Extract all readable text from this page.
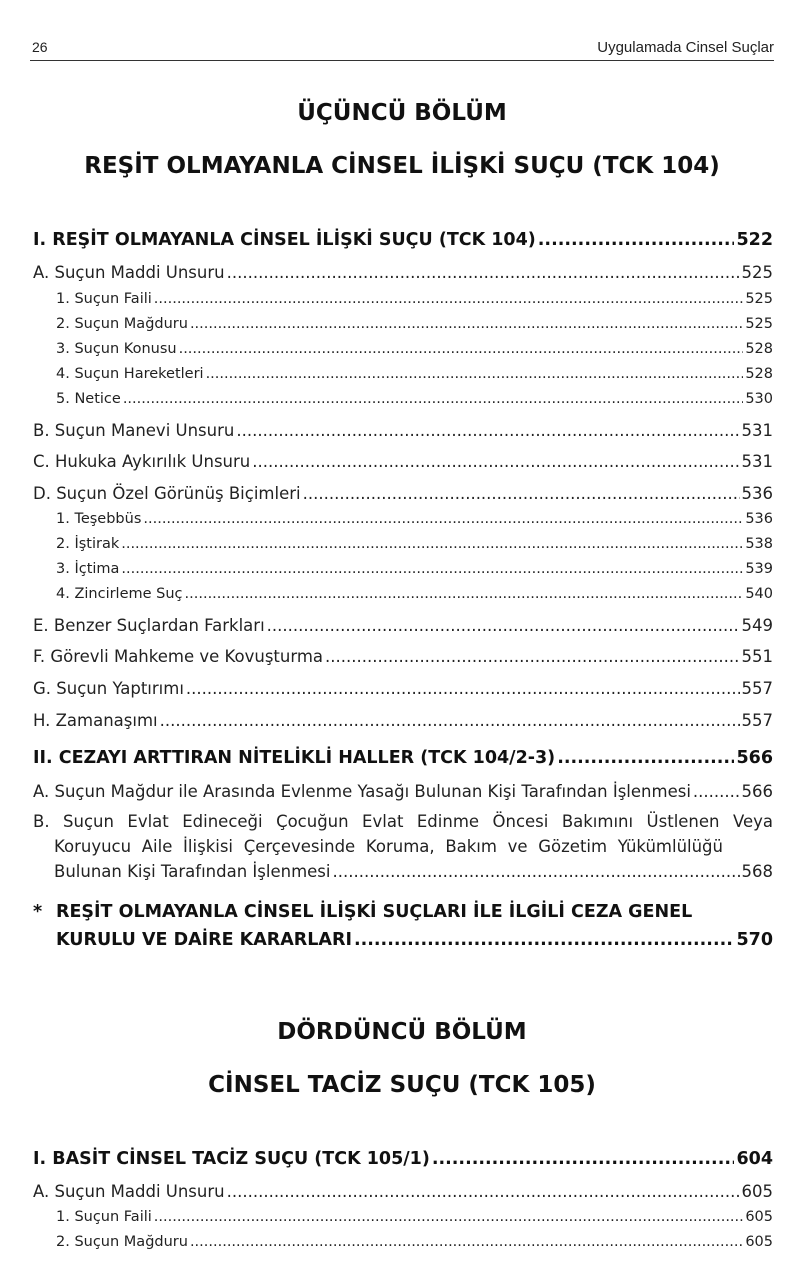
26	Uygulamada Cinsel Suçlar
ÜÇÜNCÜ BÖLÜM
REŞİT OLMAYANLA CİNSEL İLİŞKİ SUÇU (TCK 104)
I. REŞİT OLMAYANLA CİNSEL İLİŞKİ SUÇU (TCK 104) .....	522
A. Suçun Maddi Unsuru .....	525
1. Suçun Faili .....	525
2. Suçun Mağduru .....	525
3. Suçun Konusu .....	528
4. Suçun Hareketleri .....	528
5. Netice .....	530
B. Suçun Manevi Unsuru .....	531
C. Hukuka Aykırılık Unsuru .....	531
D. Suçun Özel Görünüş Biçimleri .....	536
1. Teşebbüs .....	536
2. İştirak .....	538
3. İçtima .....	539
4. Zincirleme Suç .....	540
E. Benzer Suçlardan Farkları .....	549
F. Görevli Mahkeme ve Kovuşturma .....	551
G. Suçun Yaptırımı .....	557
H. Zamanaşımı .....	557
II. CEZAYI ARTTIRAN NİTELİKLİ HALLER (TCK 104/2-3) .....	566
A. Suçun Mağdur ile Arasında Evlenme Yasağı Bulunan Kişi Tarafından İşlenmesi .....	566
B. Suçun Evlat Edineceği Çocuğun Evlat Edinme Öncesi Bakımını Üstlenen Veya
Koruyucu Aile İlişkisi Çerçevesinde Koruma, Bakım ve Gözetim Yükümlülüğü
Bulunan Kişi Tarafından İşlenmesi .....	568
* REŞİT OLMAYANLA CİNSEL İLİŞKİ SUÇLARI İLE İLGİLİ CEZA GENEL
KURULU VE DAİRE KARARLARI .....	570
DÖRDÜNCÜ BÖLÜM
CİNSEL TACİZ SUÇU (TCK 105)
I. BASİT CİNSEL TACİZ SUÇU (TCK 105/1) .....	604
A. Suçun Maddi Unsuru .....	605
1. Suçun Faili .....	605
2. Suçun Mağduru .....	605
